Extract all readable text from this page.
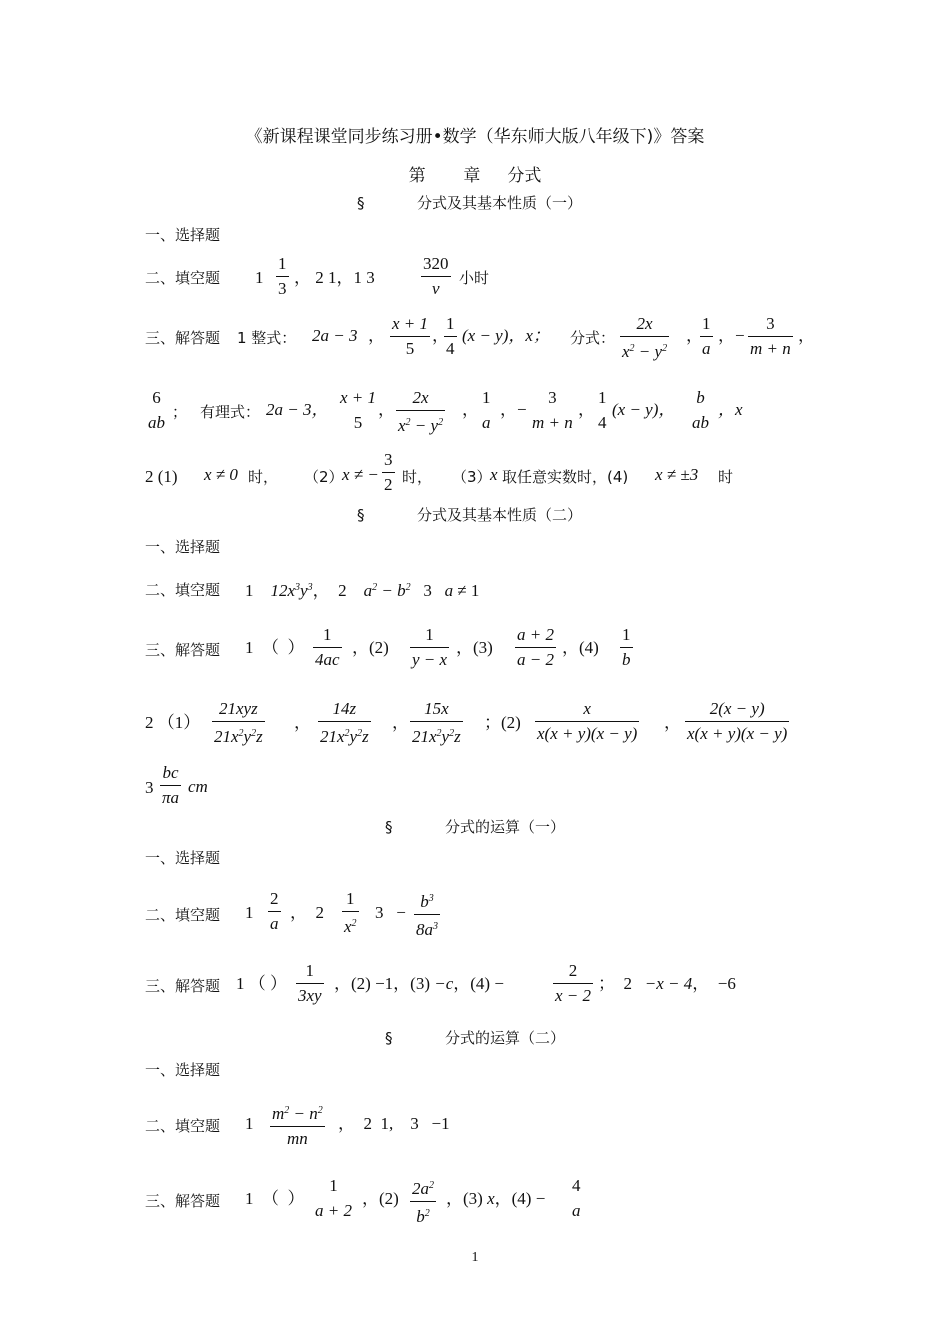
《新课程课堂同步练习册•数学（华东师大版八年级下)》答案
第 章 分式
§	分式及其基本性质（一）
一、选择题
二、填空题 1
1
3
， 2 1，1 3
320
v
小时
三、解答题 1 整式： 2a − 3 ，
x + 1
5
，
1
4
(x − y)，x； 分式：
2x
$x^2 - y^2$
，
1
a
，−
3
m + n
，
6
ab
； 有理式： 2a − 3，
x + 1
5
，
2x
$x^2 - y^2$
，
1
a
，−
3
m + n
，
1
4
(x − y)，
b
ab
，x
2 (1) x ≠ 0 时， （2）
x ≠ −
3
2 时， （3）
x 取任意实数时，(4) x ≠ ±3 时
§	分式及其基本性质（二）
一、选择题
二、填空题 1    $12x^3y^3$，  2    $a^2 - b^2$   3   a ≠ 1
三、解答题 1  （  ）
1
4ac
，(2)
1
y − x
，(3)
a + 2
a − 2
，(4)
1
b
2 （1）
21xyz
$21x^2y^2z$
，
14z
$21x^2y^2z$
，
15x
$21x^2y^2z$
；(2)
x
x(x + y)(x − y)
，
2(x − y)
x(x + y)(x − y)
3
bc
πa
cm
§	分式的运算（一）
一、选择题
二、填空题 1
2
a
，  2
1
$x^2$
3   −
$b^3$
$8a^3$
三、解答题 1 （ ）
1
3xy
，(2) −1，(3) −c，(4) −
2
x − 2
；  2   −x − 4，  −6
§	分式的运算（二）
一、选择题
二、填空题 1
$m^2 - n^2$
mn
，  2  1,    3   −1
三、解答题 1  （  ）
1
a + 2
，(2)
$2a^2$
$b^2$
，(3) x，(4) −
4
a
1
